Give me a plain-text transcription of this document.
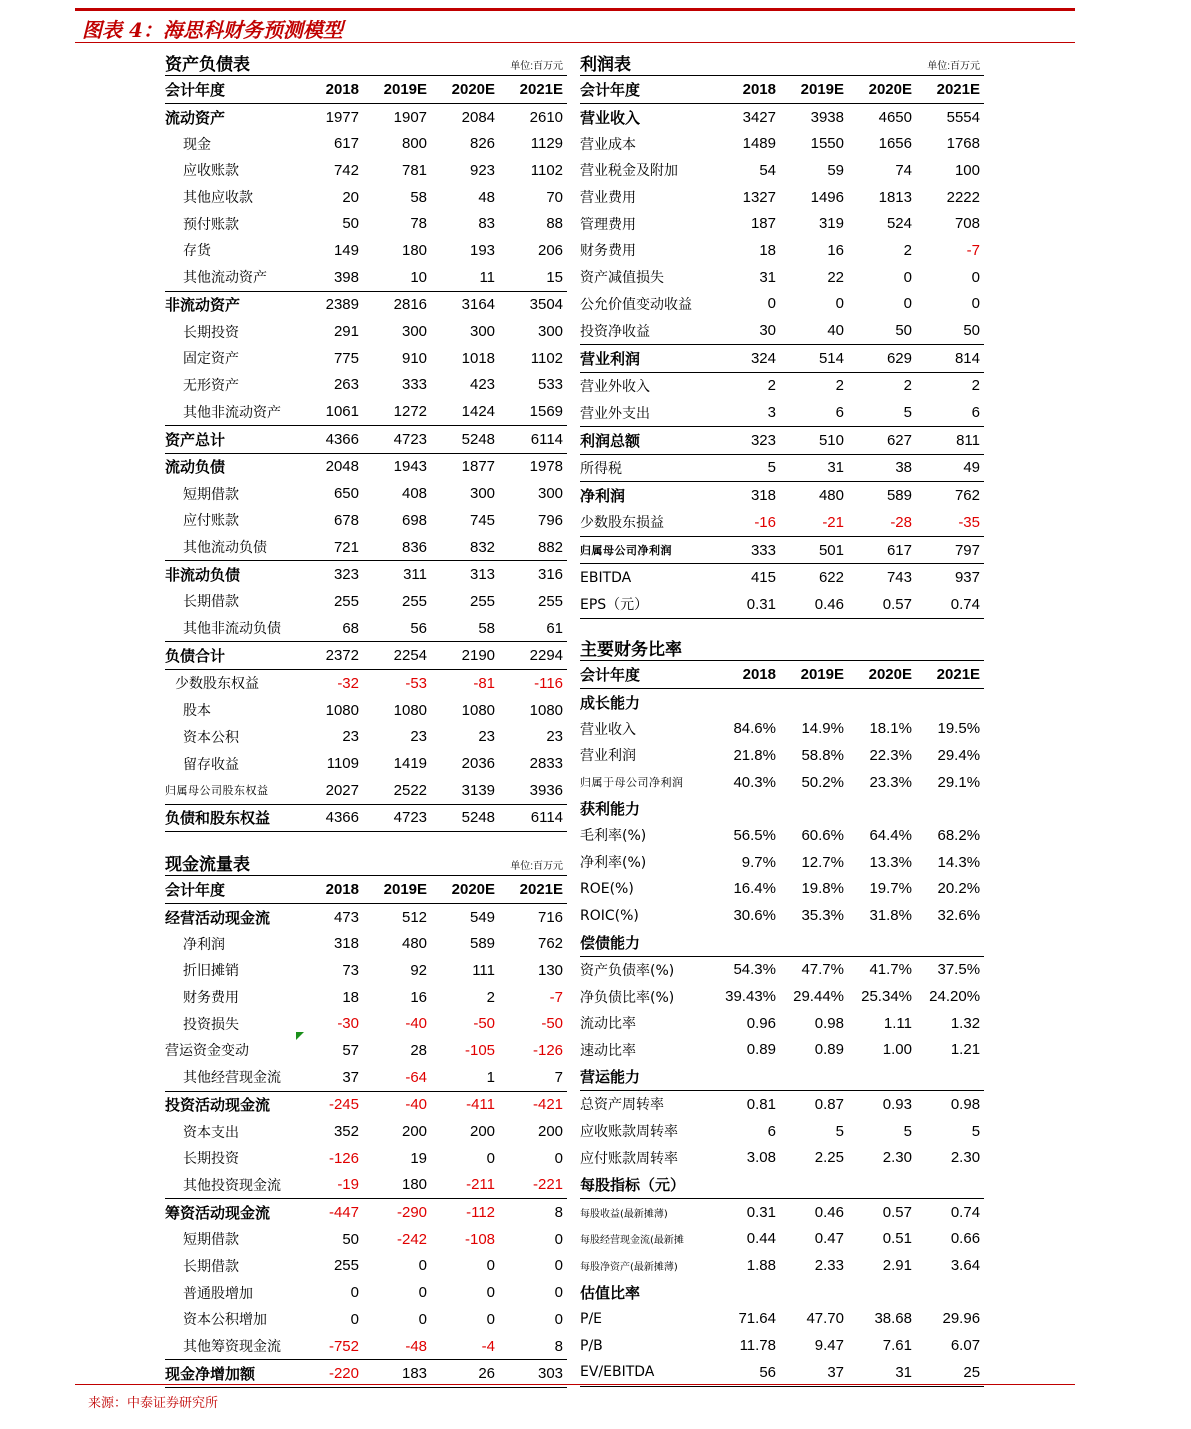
图表 4：海思科财务预测模型
资产负债表			单位:百万元	
会计年度	2018	2019E	2020E	2021E
流动资产	1977	1907	2084	2610
现金	617	800	826	1129
应收账款	742	781	923	1102
其他应收款	20	58	48	70
预付账款	50	78	83	88
存货	149	180	193	206
其他流动资产	398	10	11	15
非流动资产	2389	2816	3164	3504
长期投资	291	300	300	300
固定资产	775	910	1018	1102
无形资产	263	333	423	533
其他非流动资产	1061	1272	1424	1569
资产总计	4366	4723	5248	6114
流动负债	2048	1943	1877	1978
短期借款	650	408	300	300
应付账款	678	698	745	796
其他流动负债	721	836	832	882
非流动负债	323	311	313	316
长期借款	255	255	255	255
其他非流动负债	68	56	58	61
负债合计	2372	2254	2190	2294
少数股东权益	-32	-53	-81	-116
股本	1080	1080	1080	1080
资本公积	23	23	23	23
留存收益	1109	1419	2036	2833
归属母公司股东权益	2027	2522	3139	3936
负债和股东权益	4366	4723	5248	6114
现金流量表			单位:百万元	
会计年度	2018	2019E	2020E	2021E
经营活动现金流	473	512	549	716
净利润	318	480	589	762
折旧摊销	73	92	111	130
财务费用	18	16	2	-7
投资损失	-30	-40	-50	-50
营运资金变动	57	28	-105	-126
其他经营现金流	37	-64	1	7
投资活动现金流	-245	-40	-411	-421
资本支出	352	200	200	200
长期投资	-126	19	0	0
其他投资现金流	-19	180	-211	-221
筹资活动现金流	-447	-290	-112	8
短期借款	50	-242	-108	0
长期借款	255	0	0	0
普通股增加	0	0	0	0
资本公积增加	0	0	0	0
其他筹资现金流	-752	-48	-4	8
现金净增加额	-220	183	26	303
利润表			单位:百万元	
会计年度	2018	2019E	2020E	2021E
营业收入	3427	3938	4650	5554
营业成本	1489	1550	1656	1768
营业税金及附加	54	59	74	100
营业费用	1327	1496	1813	2222
管理费用	187	319	524	708
财务费用	18	16	2	-7
资产减值损失	31	22	0	0
公允价值变动收益	0	0	0	0
投资净收益	30	40	50	50
营业利润	324	514	629	814
营业外收入	2	2	2	2
营业外支出	3	6	5	6
利润总额	323	510	627	811
所得税	5	31	38	49
净利润	318	480	589	762
少数股东损益	-16	-21	-28	-35
归属母公司净利润	333	501	617	797
EBITDA	415	622	743	937
EPS（元）	0.31	0.46	0.57	0.74
主要财务比率				
会计年度	2018	2019E	2020E	2021E
成长能力				
营业收入	84.6%	14.9%	18.1%	19.5%
营业利润	21.8%	58.8%	22.3%	29.4%
归属于母公司净利润	40.3%	50.2%	23.3%	29.1%
获利能力				
毛利率(%)	56.5%	60.6%	64.4%	68.2%
净利率(%)	9.7%	12.7%	13.3%	14.3%
ROE(%)	16.4%	19.8%	19.7%	20.2%
ROIC(%)	30.6%	35.3%	31.8%	32.6%
偿债能力				
资产负债率(%)	54.3%	47.7%	41.7%	37.5%
净负债比率(%)	39.43%	29.44%	25.34%	24.20%
流动比率	0.96	0.98	1.11	1.32
速动比率	0.89	0.89	1.00	1.21
营运能力				
总资产周转率	0.81	0.87	0.93	0.98
应收账款周转率	6	5	5	5
应付账款周转率	3.08	2.25	2.30	2.30
每股指标（元）				
每股收益(最新摊薄)	0.31	0.46	0.57	0.74
每股经营现金流(最新摊	0.44	0.47	0.51	0.66
每股净资产(最新摊薄)	1.88	2.33	2.91	3.64
估值比率				
P/E	71.64	47.70	38.68	29.96
P/B	11.78	9.47	7.61	6.07
EV/EBITDA	56	37	31	25
来源：中泰证券研究所
